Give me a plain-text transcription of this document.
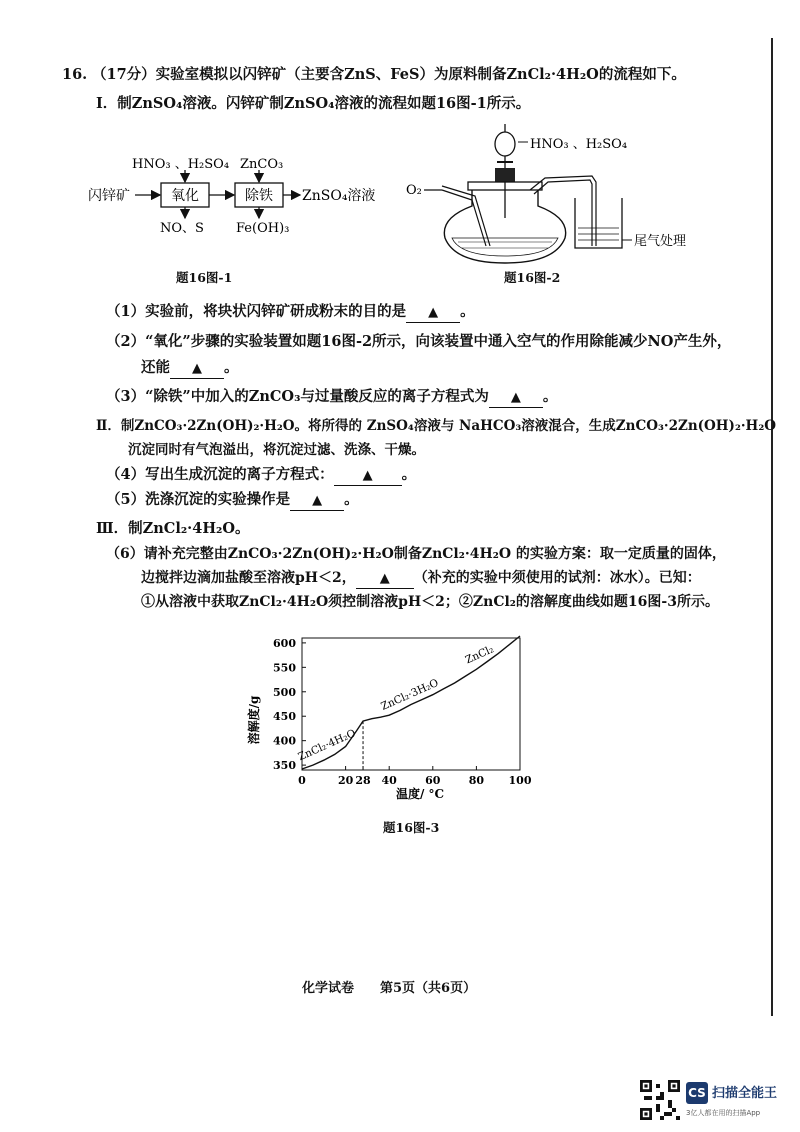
16. （17分）实验室模拟以闪锌矿（主要含ZnS、FeS）为原料制备ZnCl₂·4H₂O的流程如下。
Ⅰ．制ZnSO₄溶液。闪锌矿制ZnSO₄溶液的流程如题16图-1所示。
闪锌矿	氧化	除铁 ZnSO₄溶液
HNO₃ 、H₂SO₄ ZnCO₃
NO、S Fe(OH)₃
题16图-1
HNO₃ 、H₂SO₄
O₂
尾气处理
题16图-2
（1）实验前，将块状闪锌矿研成粉末的目的是 ▲ 。
（2）“氧化”步骤的实验装置如题16图-2所示，向该装置中通入空气的作用除能减少NO产生外，
还能 ▲ 。
（3）“除铁”中加入的ZnCO₃与过量酸反应的离子方程式为 ▲ 。
Ⅱ．制ZnCO₃·2Zn(OH)₂·H₂O。将所得的 ZnSO₄溶液与 NaHCO₃溶液混合，生成ZnCO₃·2Zn(OH)₂·H₂O
沉淀同时有气泡溢出，将沉淀过滤、洗涤、干燥。
（4）写出生成沉淀的离子方程式： ▲ 。
（5）洗涤沉淀的实验操作是 ▲ 。
Ⅲ．制ZnCl₂·4H₂O。
（6）请补充完整由ZnCO₃·2Zn(OH)₂·H₂O制备ZnCl₂·4H₂O 的实验方案：取一定质量的固体，
边搅拌边滴加盐酸至溶液pH＜2， ▲ （补充的实验中须使用的试剂：冰水）。已知：
①从溶液中获取ZnCl₂·4H₂O须控制溶液pH＜2；②ZnCl₂的溶解度曲线如题16图-3所示。
350
400
450
500
550
600
0	20 28 40	60	80 100
ZnCl₂·4H₂O
ZnCl₂·3H₂O
ZnCl₂
溶解度/g
温度/ °C
题16图-3
化学试卷　　第5页（共6页）
CS 扫描全能王
3亿人都在用的扫描App
